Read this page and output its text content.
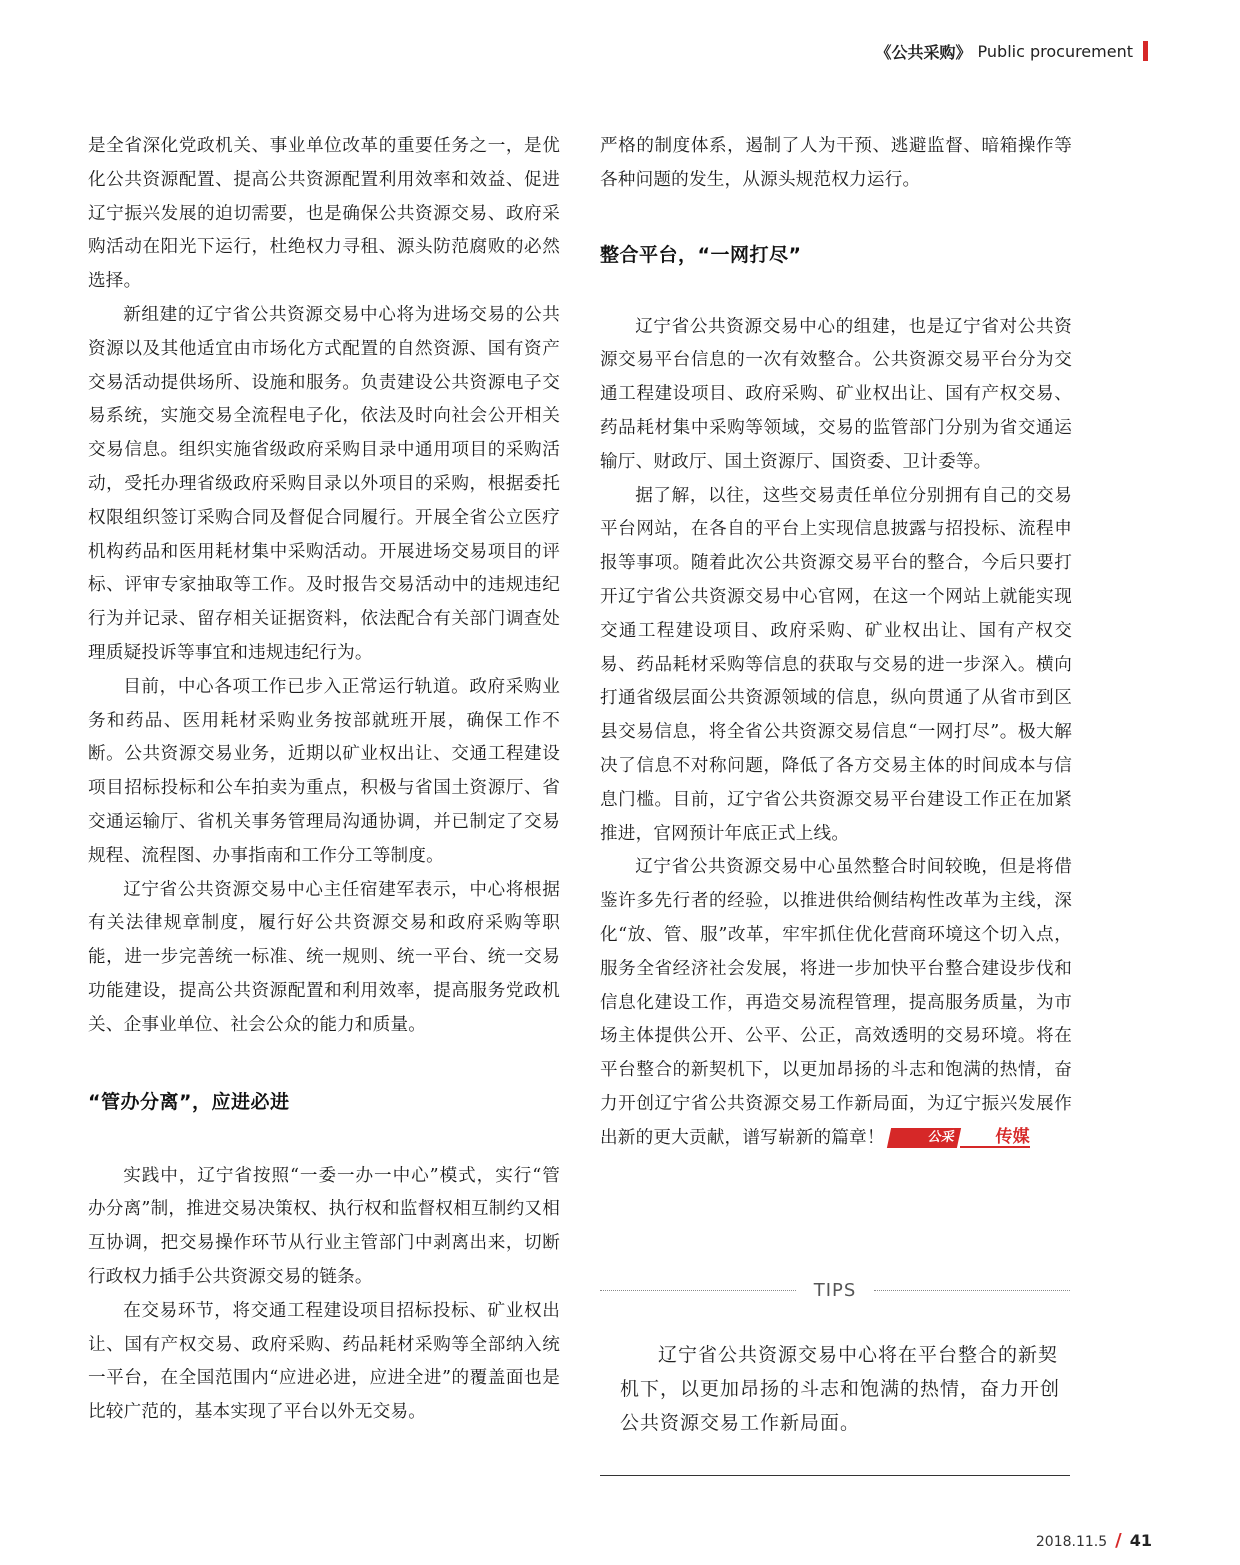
《公共采购》 Public procurement

是全省深化党政机关、事业单位改革的重要任务之一，是优化公共资源配置、提高公共资源配置利用效率和效益、促进辽宁振兴发展的迫切需要，也是确保公共资源交易、政府采购活动在阳光下运行，杜绝权力寻租、源头防范腐败的必然选择。

新组建的辽宁省公共资源交易中心将为进场交易的公共资源以及其他适宜由市场化方式配置的自然资源、国有资产交易活动提供场所、设施和服务。负责建设公共资源电子交易系统，实施交易全流程电子化，依法及时向社会公开相关交易信息。组织实施省级政府采购目录中通用项目的采购活动，受托办理省级政府采购目录以外项目的采购，根据委托权限组织签订采购合同及督促合同履行。开展全省公立医疗机构药品和医用耗材集中采购活动。开展进场交易项目的评标、评审专家抽取等工作。及时报告交易活动中的违规违纪行为并记录、留存相关证据资料，依法配合有关部门调查处理质疑投诉等事宜和违规违纪行为。

目前，中心各项工作已步入正常运行轨道。政府采购业务和药品、医用耗材采购业务按部就班开展，确保工作不断。公共资源交易业务，近期以矿业权出让、交通工程建设项目招标投标和公车拍卖为重点，积极与省国土资源厅、省交通运输厅、省机关事务管理局沟通协调，并已制定了交易规程、流程图、办事指南和工作分工等制度。

辽宁省公共资源交易中心主任宿建军表示，中心将根据有关法律规章制度，履行好公共资源交易和政府采购等职能，进一步完善统一标准、统一规则、统一平台、统一交易功能建设，提高公共资源配置和利用效率，提高服务党政机关、企事业单位、社会公众的能力和质量。

“管办分离”，应进必进

实践中，辽宁省按照“一委一办一中心”模式，实行“管办分离”制，推进交易决策权、执行权和监督权相互制约又相互协调，把交易操作环节从行业主管部门中剥离出来，切断行政权力插手公共资源交易的链条。

在交易环节，将交通工程建设项目招标投标、矿业权出让、国有产权交易、政府采购、药品耗材采购等全部纳入统一平台，在全国范围内“应进必进，应进全进”的覆盖面也是比较广范的，基本实现了平台以外无交易。

严格的制度体系，遏制了人为干预、逃避监督、暗箱操作等各种问题的发生，从源头规范权力运行。

整合平台，“一网打尽”

辽宁省公共资源交易中心的组建，也是辽宁省对公共资源交易平台信息的一次有效整合。公共资源交易平台分为交通工程建设项目、政府采购、矿业权出让、国有产权交易、药品耗材集中采购等领域，交易的监管部门分别为省交通运输厅、财政厅、国土资源厅、国资委、卫计委等。

据了解，以往，这些交易责任单位分别拥有自己的交易平台网站，在各自的平台上实现信息披露与招投标、流程申报等事项。随着此次公共资源交易平台的整合，今后只要打开辽宁省公共资源交易中心官网，在这一个网站上就能实现交通工程建设项目、政府采购、矿业权出让、国有产权交易、药品耗材采购等信息的获取与交易的进一步深入。横向打通省级层面公共资源领域的信息，纵向贯通了从省市到区县交易信息，将全省公共资源交易信息“一网打尽”。极大解决了信息不对称问题，降低了各方交易主体的时间成本与信息门槛。目前，辽宁省公共资源交易平台建设工作正在加紧推进，官网预计年底正式上线。

辽宁省公共资源交易中心虽然整合时间较晚，但是将借鉴许多先行者的经验，以推进供给侧结构性改革为主线，深化“放、管、服”改革，牢牢抓住优化营商环境这个切入点，服务全省经济社会发展，将进一步加快平台整合建设步伐和信息化建设工作，再造交易流程管理，提高服务质量，为市场主体提供公开、公平、公正，高效透明的交易环境。将在平台整合的新契机下，以更加昂扬的斗志和饱满的热情，奋力开创辽宁省公共资源交易工作新局面，为辽宁振兴发展作出新的更大贡献，谱写崭新的篇章！	公采	传媒

TIPS
辽宁省公共资源交易中心将在平台整合的新契机下，以更加昂扬的斗志和饱满的热情，奋力开创公共资源交易工作新局面。
2018.11.5 / 41
